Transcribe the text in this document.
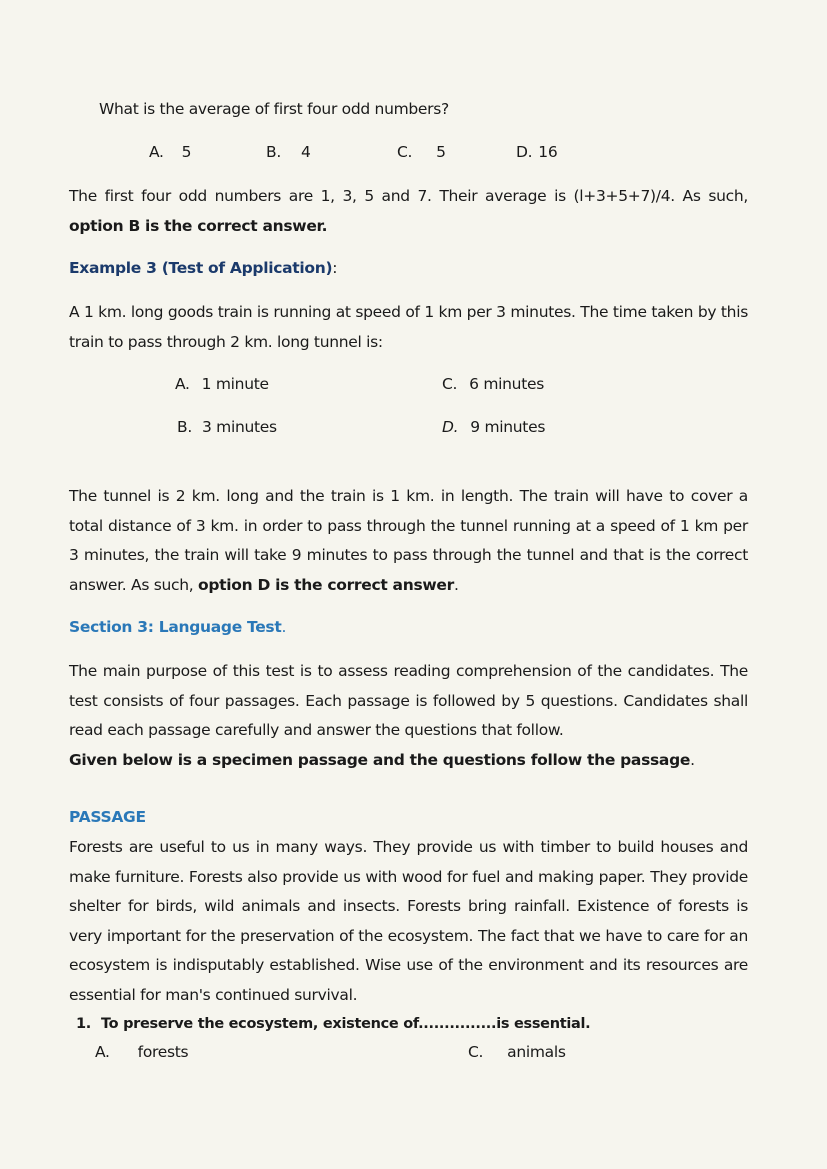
What is the average of first four odd numbers?
A. 5	B. 4	C. 5	D. 16
The first four odd numbers are 1, 3, 5 and 7. Their average is (l+3+5+7)/4. As such, option B is the correct answer.
Example 3 (Test of Application):
A 1 km. long goods train is running at speed of 1 km per 3 minutes. The time taken by this train to pass through 2 km. long tunnel is:
A. 1 minute	C. 6 minutes
B. 3 minutes	D. 9 minutes
The tunnel is 2 km. long and the train is 1 km. in length. The train will have to cover a total distance of 3 km. in order to pass through the tunnel running at a speed of 1 km per 3 minutes, the train will take 9 minutes to pass through the tunnel and that is the correct answer. As such, option D is the correct answer.
Section 3: Language Test.
The main purpose of this test is to assess reading comprehension of the candidates. The test consists of four passages. Each passage is followed by 5 questions. Candidates shall read each passage carefully and answer the questions that follow.
Given below is a specimen passage and the questions follow the passage.
PASSAGE
Forests are useful to us in many ways. They provide us with timber to build houses and make furniture. Forests also provide us with wood for fuel and making paper. They provide shelter for birds, wild animals and insects. Forests bring rainfall. Existence of forests is very important for the preservation of the ecosystem. The fact that we have to care for an ecosystem is indisputably established. Wise use of the environment and its resources are essential for man's continued survival.
1. To preserve the ecosystem, existence of...............is essential.
A. forests	C. animals
